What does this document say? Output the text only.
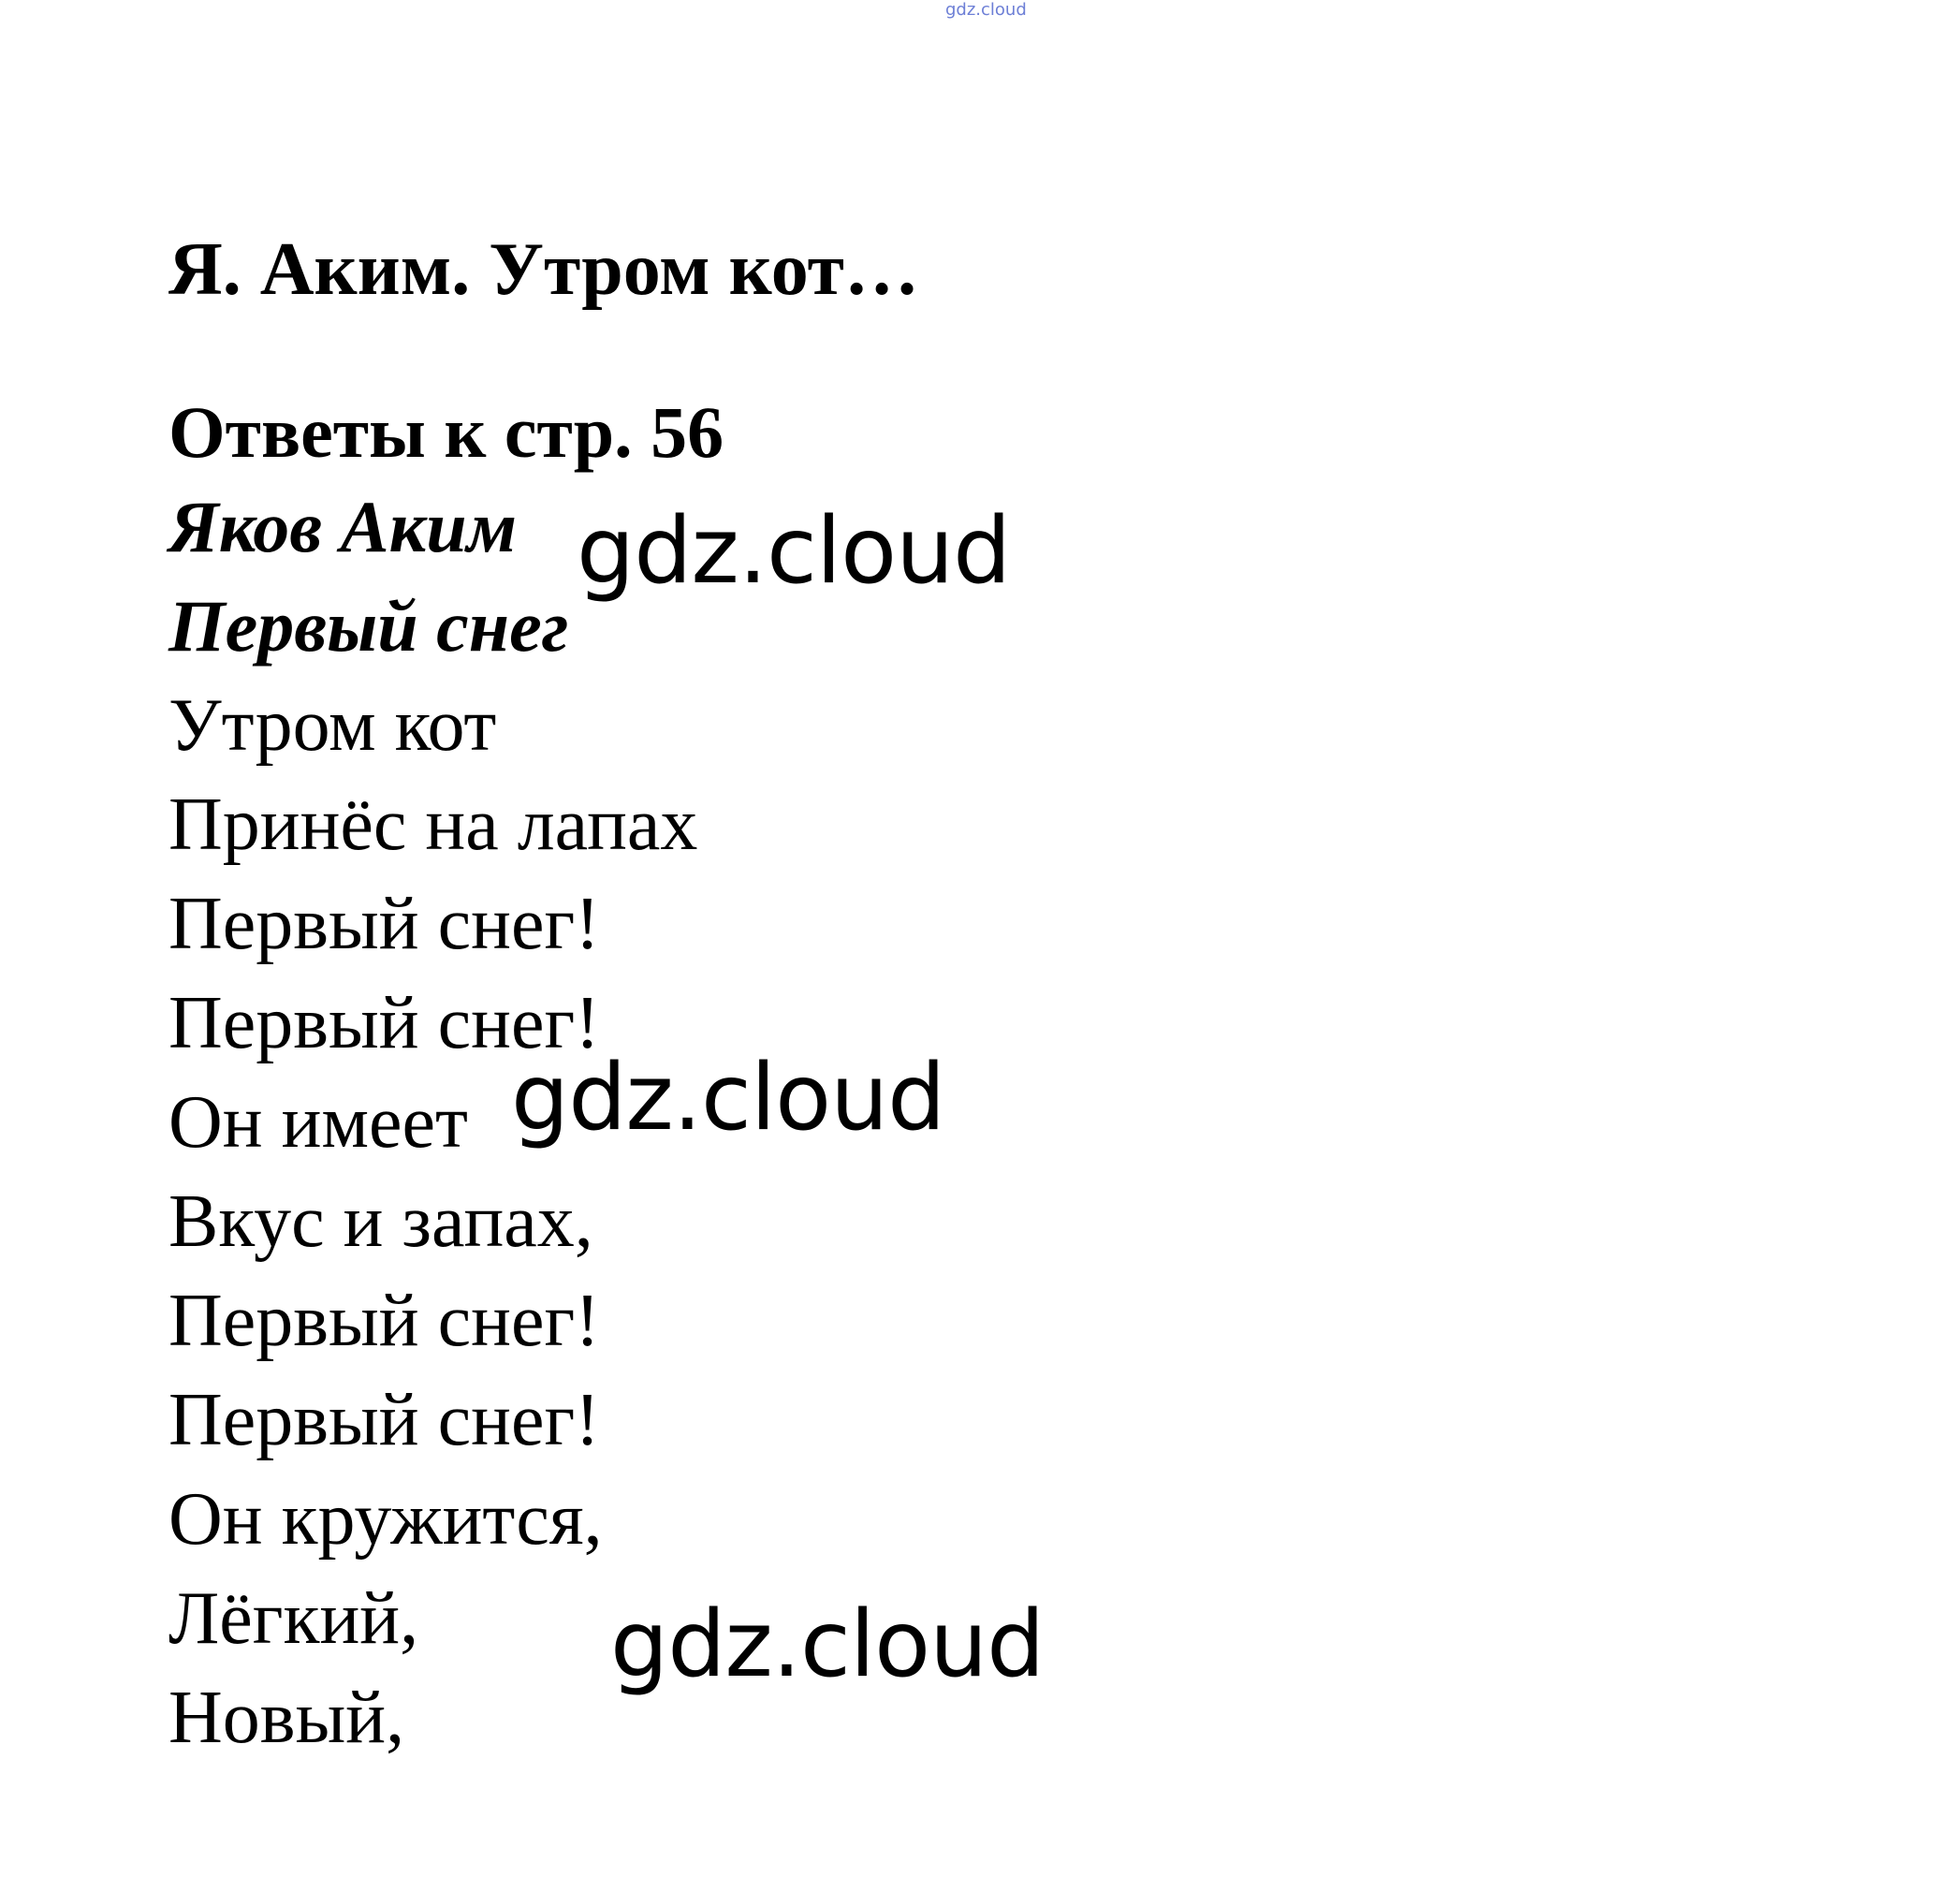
gdz.cloud
Я. Аким. Утром кот…
Ответы к стр. 56
Яков Аким
Первый снег
Утром кот
Принёс на лапах
Первый снег!
Первый снег!
Он имеет
Вкус и запах,
Первый снег!
Первый снег!
Он кружится,
Лёгкий,
Новый,
gdz.cloud
gdz.cloud
gdz.cloud
